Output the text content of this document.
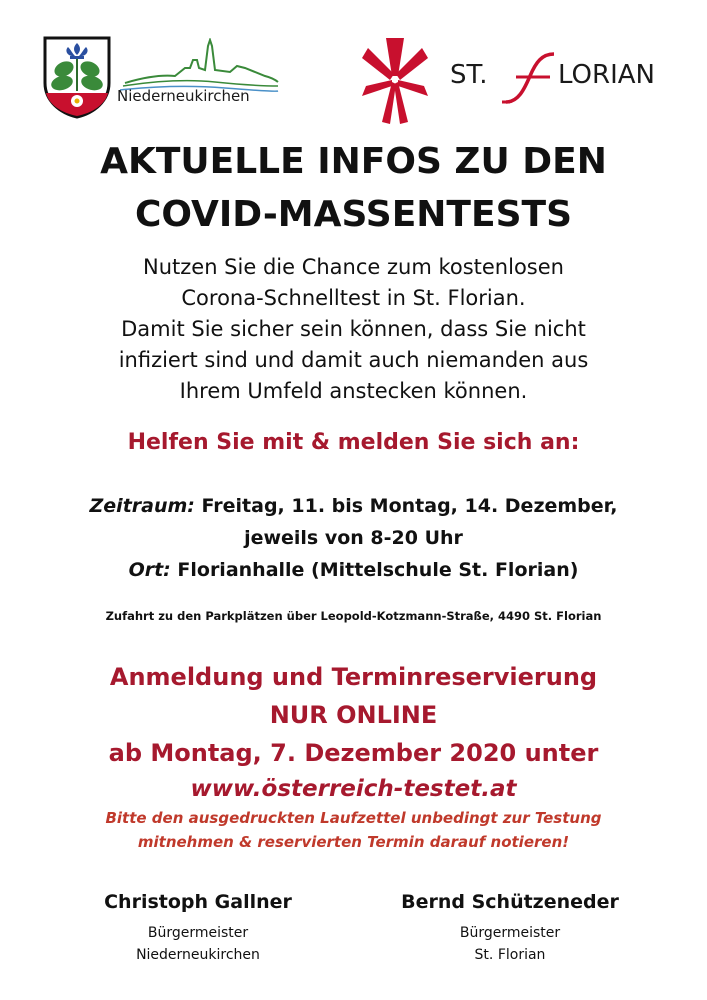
Niederneukirchen
ST.	LORIAN
AKTUELLE INFOS ZU DEN
COVID-MASSENTESTS
Nutzen Sie die Chance zum kostenlosen
Corona-Schnelltest in St. Florian.
Damit Sie sicher sein können, dass Sie nicht
infiziert sind und damit auch niemanden aus
Ihrem Umfeld anstecken können.
Helfen Sie mit & melden Sie sich an:
Zeitraum: Freitag, 11. bis Montag, 14. Dezember,
jeweils von 8-20 Uhr
Ort: Florianhalle (Mittelschule St. Florian)
Zufahrt zu den Parkplätzen über Leopold-Kotzmann-Straße, 4490 St. Florian
Anmeldung und Terminreservierung
NUR ONLINE
ab Montag, 7. Dezember 2020 unter
www.österreich-testet.at
Bitte den ausgedruckten Laufzettel unbedingt zur Testung
mitnehmen & reservierten Termin darauf notieren!
Christoph Gallner
Bürgermeister
Niederneukirchen
Bernd Schützeneder
Bürgermeister
St. Florian
